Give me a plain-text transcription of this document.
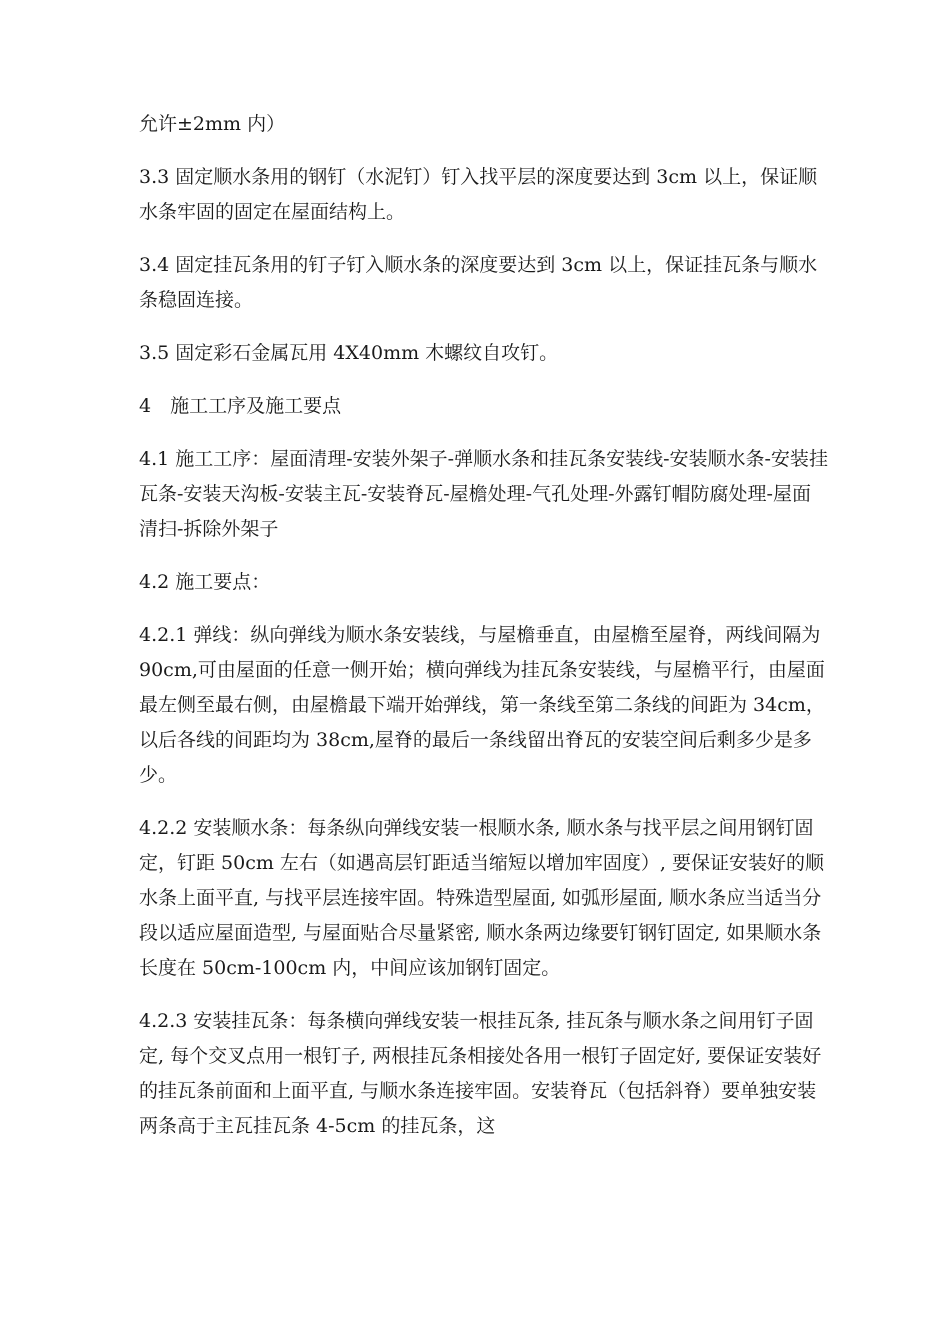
允许±2mm 内）

3.3 固定顺水条用的钢钉（水泥钉）钉入找平层的深度要达到 3cm 以上，保证顺水条牢固的固定在屋面结构上。

3.4 固定挂瓦条用的钉子钉入顺水条的深度要达到 3cm 以上，保证挂瓦条与顺水条稳固连接。

3.5 固定彩石金属瓦用 4X40mm 木螺纹自攻钉。

4　施工工序及施工要点

4.1 施工工序：屋面清理-安装外架子-弹顺水条和挂瓦条安装线-安装顺水条-安装挂瓦条-安装天沟板-安装主瓦-安装脊瓦-屋檐处理-气孔处理-外露钉帽防腐处理-屋面清扫-拆除外架子

4.2 施工要点：

4.2.1 弹线：纵向弹线为顺水条安装线，与屋檐垂直，由屋檐至屋脊，两线间隔为 90cm,可由屋面的任意一侧开始；横向弹线为挂瓦条安装线，与屋檐平行，由屋面最左侧至最右侧，由屋檐最下端开始弹线，第一条线至第二条线的间距为 34cm，以后各线的间距均为 38cm,屋脊的最后一条线留出脊瓦的安装空间后剩多少是多少。

4.2.2 安装顺水条：每条纵向弹线安装一根顺水条, 顺水条与找平层之间用钢钉固定，钉距 50cm 左右（如遇高层钉距适当缩短以增加牢固度）, 要保证安装好的顺水条上面平直, 与找平层连接牢固。特殊造型屋面, 如弧形屋面, 顺水条应当适当分段以适应屋面造型, 与屋面贴合尽量紧密, 顺水条两边缘要钉钢钉固定, 如果顺水条长度在 50cm-100cm 内，中间应该加钢钉固定。

4.2.3 安装挂瓦条：每条横向弹线安装一根挂瓦条, 挂瓦条与顺水条之间用钉子固定, 每个交叉点用一根钉子, 两根挂瓦条相接处各用一根钉子固定好, 要保证安装好的挂瓦条前面和上面平直, 与顺水条连接牢固。安装脊瓦（包括斜脊）要单独安装两条高于主瓦挂瓦条 4-5cm 的挂瓦条，这
